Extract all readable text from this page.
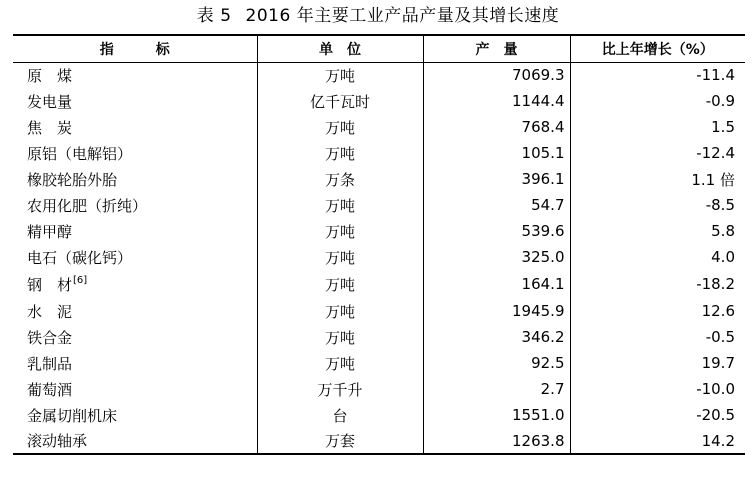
表 5 2016 年主要工业产品产量及其增长速度
指　　　标	单　位	产　量	比上年增长（%）
原　煤	万吨	7069.3	-11.4
发电量	亿千瓦时	1144.4	-0.9
焦　炭	万吨	768.4	1.5
原铝（电解铝）	万吨	105.1	-12.4
橡胶轮胎外胎	万条	396.1	1.1 倍
农用化肥（折纯）	万吨	54.7	-8.5
精甲醇	万吨	539.6	5.8
电石（碳化钙）	万吨	325.0	4.0
钢　材[6]	万吨	164.1	-18.2
水　泥	万吨	1945.9	12.6
铁合金	万吨	346.2	-0.5
乳制品	万吨	92.5	19.7
葡萄酒	万千升	2.7	-10.0
金属切削机床	台	1551.0	-20.5
滚动轴承	万套	1263.8	14.2
